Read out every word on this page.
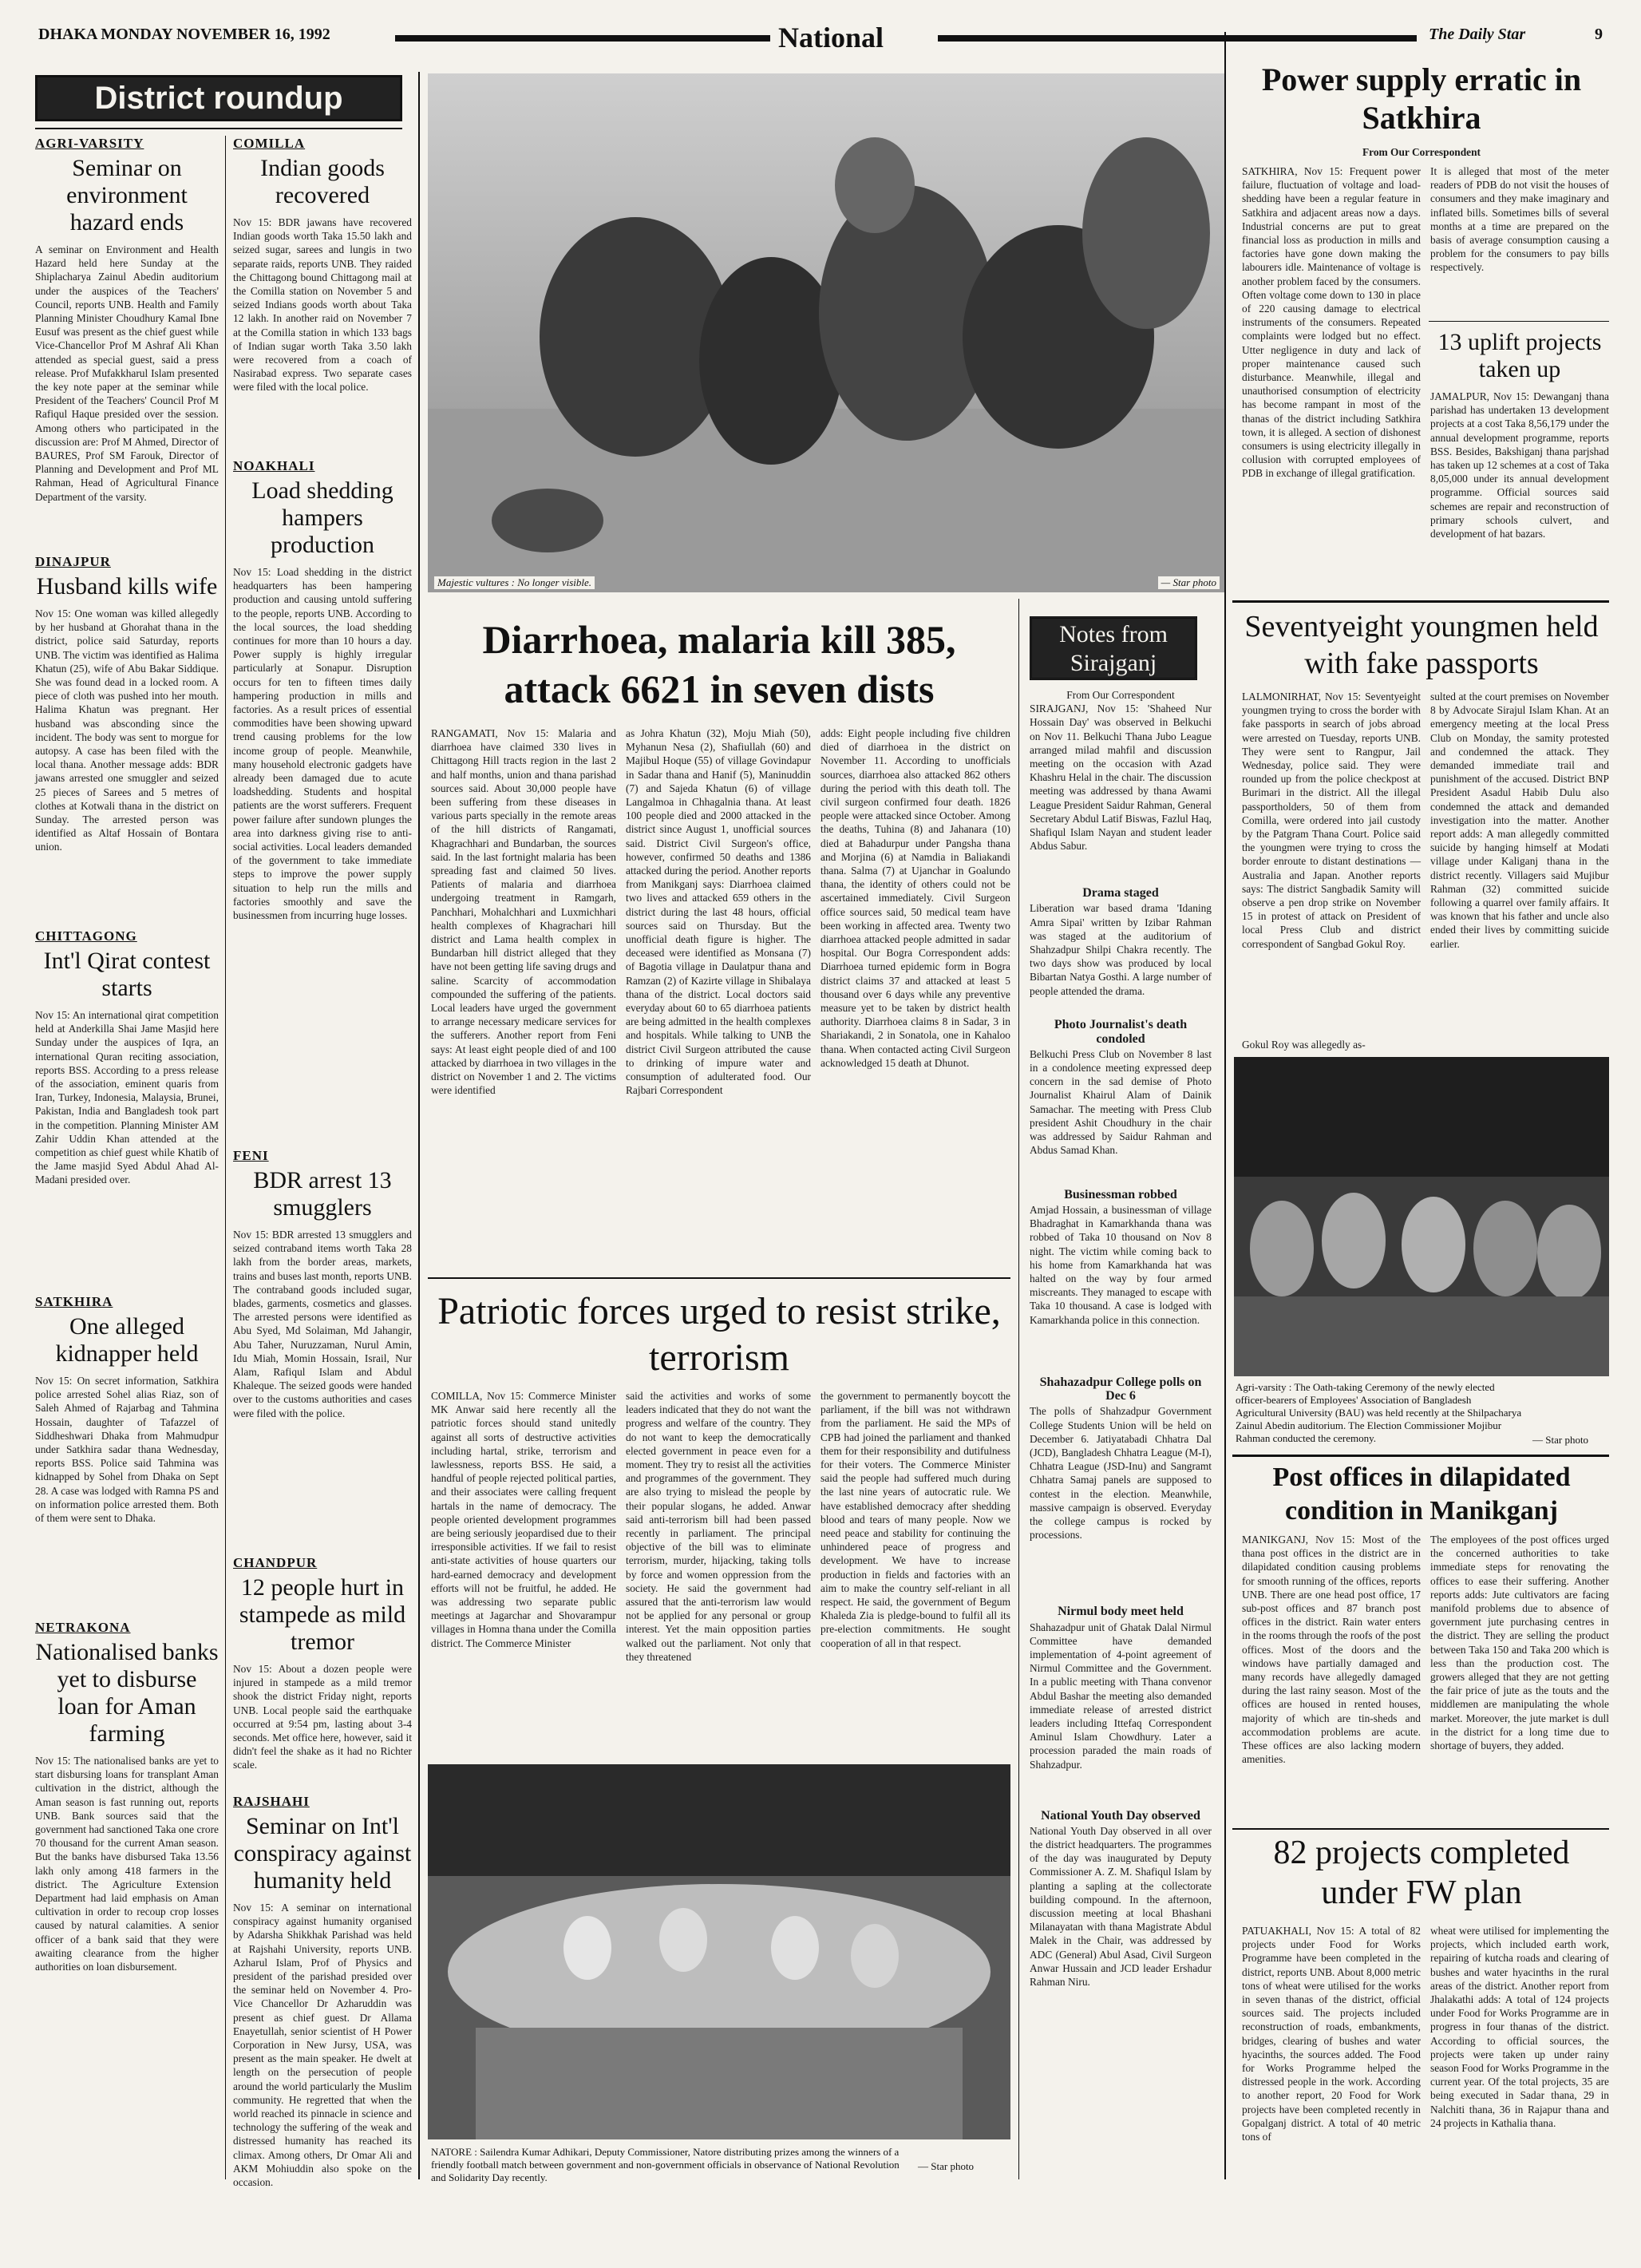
DHAKA MONDAY NOVEMBER 16, 1992	National	The Daily Star	9
District roundup
AGRI-VARSITY
Seminar on environment hazard ends
A seminar on Environment and Health Hazard held here Sunday at the Shiplacharya Zainul Abedin auditorium under the auspices of the Teachers' Council, reports UNB. Health and Family Planning Minister Choudhury Kamal Ibne Eusuf was present as the chief guest while Vice-Chancellor Prof M Ashraf Ali Khan attended as special guest, said a press release. Prof Mufakkharul Islam presented the key note paper at the seminar while President of the Teachers' Council Prof M Rafiqul Haque presided over the session. Among others who participated in the discussion are: Prof M Ahmed, Director of BAURES, Prof SM Farouk, Director of Planning and Development and Prof ML Rahman, Head of Agricultural Finance Department of the varsity.
DINAJPUR
Husband kills wife
Nov 15: One woman was killed allegedly by her husband at Ghorahat thana in the district, police said Saturday, reports UNB. The victim was identified as Halima Khatun (25), wife of Abu Bakar Siddique. She was found dead in a locked room. A piece of cloth was pushed into her mouth. Halima Khatun was pregnant. Her husband was absconding since the incident. The body was sent to morgue for autopsy. A case has been filed with the local thana. Another message adds: BDR jawans arrested one smuggler and seized 25 pieces of Sarees and 5 metres of clothes at Kotwali thana in the district on Sunday. The arrested person was identified as Altaf Hossain of Bontara union.
CHITTAGONG
Int'l Qirat contest starts
Nov 15: An international qirat competition held at Anderkilla Shai Jame Masjid here Sunday under the auspices of Iqra, an international Quran reciting association, reports BSS. According to a press release of the association, eminent quaris from Iran, Turkey, Indonesia, Malaysia, Brunei, Pakistan, India and Bangladesh took part in the competition. Planning Minister AM Zahir Uddin Khan attended at the competition as chief guest while Khatib of the Jame masjid Syed Abdul Ahad Al-Madani presided over.
SATKHIRA
One alleged kidnapper held
Nov 15: On secret information, Satkhira police arrested Sohel alias Riaz, son of Saleh Ahmed of Rajarbag and Tahmina Hossain, daughter of Tafazzel of Siddheshwari Dhaka from Mahmudpur under Satkhira sadar thana Wednesday, reports BSS. Police said Tahmina was kidnapped by Sohel from Dhaka on Sept 28. A case was lodged with Ramna PS and on information police arrested them. Both of them were sent to Dhaka.
NETRAKONA
Nationalised banks yet to disburse loan for Aman farming
Nov 15: The nationalised banks are yet to start disbursing loans for transplant Aman cultivation in the district, although the Aman season is fast running out, reports UNB. Bank sources said that the government had sanctioned Taka one crore 70 thousand for the current Aman season. But the banks have disbursed Taka 13.56 lakh only among 418 farmers in the district. The Agriculture Extension Department had laid emphasis on Aman cultivation in order to recoup crop losses caused by natural calamities. A senior officer of a bank said that they were awaiting clearance from the higher authorities on loan disbursement.
COMILLA
Indian goods recovered
Nov 15: BDR jawans have recovered Indian goods worth Taka 15.50 lakh and seized sugar, sarees and lungis in two separate raids, reports UNB. They raided the Chittagong bound Chittagong mail at the Comilla station on November 5 and seized Indians goods worth about Taka 12 lakh. In another raid on November 7 at the Comilla station in which 133 bags of Indian sugar worth Taka 3.50 lakh were recovered from a coach of Nasirabad express. Two separate cases were filed with the local police.
NOAKHALI
Load shedding hampers production
Nov 15: Load shedding in the district headquarters has been hampering production and causing untold suffering to the people, reports UNB. According to the local sources, the load shedding continues for more than 10 hours a day. Power supply is highly irregular particularly at Sonapur. Disruption occurs for ten to fifteen times daily hampering production in mills and factories. As a result prices of essential commodities have been showing upward trend causing problems for the low income group of people. Meanwhile, many household electronic gadgets have already been damaged due to acute loadshedding. Students and hospital patients are the worst sufferers. Frequent power failure after sundown plunges the area into darkness giving rise to anti-social activities. Local leaders demanded of the government to take immediate steps to improve the power supply situation to help run the mills and factories smoothly and save the businessmen from incurring huge losses.
FENI
BDR arrest 13 smugglers
Nov 15: BDR arrested 13 smugglers and seized contraband items worth Taka 28 lakh from the border areas, markets, trains and buses last month, reports UNB. The contraband goods included sugar, blades, garments, cosmetics and glasses. The arrested persons were identified as Abu Syed, Md Solaiman, Md Jahangir, Abu Taher, Nuruzzaman, Nurul Amin, Idu Miah, Momin Hossain, Israil, Nur Alam, Rafiqul Islam and Abdul Khaleque. The seized goods were handed over to the customs authorities and cases were filed with the police.
CHANDPUR
12 people hurt in stampede as mild tremor
Nov 15: About a dozen people were injured in stampede as a mild tremor shook the district Friday night, reports UNB. Local people said the earthquake occurred at 9:54 pm, lasting about 3-4 seconds. Met office here, however, said it didn't feel the shake as it had no Richter scale.
RAJSHAHI
Seminar on Int'l conspiracy against humanity held
Nov 15: A seminar on international conspiracy against humanity organised by Adarsha Shikkhak Parishad was held at Rajshahi University, reports UNB. Azharul Islam, Prof of Physics and president of the parishad presided over the seminar held on November 4. Pro-Vice Chancellor Dr Azharuddin was present as chief guest. Dr Allama Enayetullah, senior scientist of H Power Corporation in New Jursy, USA, was present as the main speaker. He dwelt at length on the persecution of people around the world particularly the Muslim community. He regretted that when the world reached its pinnacle in science and technology the suffering of the weak and distressed humanity has reached its climax. Among others, Dr Omar Ali and AKM Mohiuddin also spoke on the occasion.
Majestic vultures : No longer visible.	— Star photo
Diarrhoea, malaria kill 385, attack 6621 in seven dists
RANGAMATI, Nov 15: Malaria and diarrhoea have claimed 330 lives in Chittagong Hill tracts region in the last 2 and half months, union and thana parishad sources said. About 30,000 people have been suffering from these diseases in various parts specially in the remote areas of the hill districts of Rangamati, Khagrachhari and Bundarban, the sources said. In the last fortnight malaria has been spreading fast and claimed 50 lives. Patients of malaria and diarrhoea undergoing treatment in Ramgarh, Panchhari, Mohalchhari and Luxmichhari health complexes of Khagrachari hill district and Lama health complex in Bundarban hill district alleged that they have not been getting life saving drugs and saline. Scarcity of accommodation compounded the suffering of the patients. Local leaders have urged the government to arrange necessary medicare services for the sufferers. Another report from Feni says: At least eight people died of and 100 attacked by diarrhoea in two villages in the district on November 1 and 2. The victims were identified
as Johra Khatun (32), Moju Miah (50), Myhanun Nesa (2), Shafiullah (60) and Majibul Hoque (55) of village Govindapur in Sadar thana and Hanif (5), Maninuddin (7) and Sajeda Khatun (6) of village Langalmoa in Chhagalnia thana. At least 100 people died and 2000 attacked in the district since August 1, unofficial sources said. District Civil Surgeon's office, however, confirmed 50 deaths and 1386 attacked during the period. Another reports from Manikganj says: Diarrhoea claimed two lives and attacked 659 others in the district during the last 48 hours, official sources said on Thursday. But the unofficial death figure is higher. The deceased were identified as Monsana (7) of Bagotia village in Daulatpur thana and Ramzan (2) of Kazirte village in Shibalaya thana of the district. Local doctors said everyday about 60 to 65 diarrhoea patients are being admitted in the health complexes and hospitals. While talking to UNB the district Civil Surgeon attributed the cause to drinking of impure water and consumption of adulterated food. Our Rajbari Correspondent
adds: Eight people including five children died of diarrhoea in the district on November 11. According to unofficials sources, diarrhoea also attacked 862 others during the period with this death toll. The civil surgeon confirmed four death. 1826 people were attacked since October. Among the deaths, Tuhina (8) and Jahanara (10) died at Bahadurpur under Pangsha thana and Morjina (6) at Namdia in Baliakandi thana. Salma (7) at Ujanchar in Goalundo thana, the identity of others could not be ascertained immediately. Civil Surgeon office sources said, 50 medical team have been working in affected area. Twenty two diarrhoea attacked people admitted in sadar hospital. Our Bogra Correspondent adds: Diarrhoea turned epidemic form in Bogra district claims 37 and attacked at least 5 thousand over 6 days while any preventive measure yet to be taken by district health authority. Diarrhoea claims 8 in Sadar, 3 in Shariakandi, 2 in Sonatola, one in Kahaloo thana. When contacted acting Civil Surgeon acknowledged 15 death at Dhunot.
Patriotic forces urged to resist strike, terrorism
COMILLA, Nov 15: Commerce Minister MK Anwar said here recently all the patriotic forces should stand unitedly against all sorts of destructive activities including hartal, strike, terrorism and lawlessness, reports BSS. He said, a handful of people rejected political parties, and their associates were calling frequent hartals in the name of democracy. The people oriented development programmes are being seriously jeopardised due to their irresponsible activities. If we fail to resist anti-state activities of house quarters our hard-earned democracy and development efforts will not be fruitful, he added. He was addressing two separate public meetings at Jagarchar and Shovarampur villages in Homna thana under the Comilla district. The Commerce Minister
said the activities and works of some leaders indicated that they do not want the progress and welfare of the country. They do not want to keep the democratically elected government in peace even for a moment. They try to resist all the activities and programmes of the government. They are also trying to mislead the people by their popular slogans, he added. Anwar said anti-terrorism bill had been passed recently in parliament. The principal objective of the bill was to eliminate terrorism, murder, hijacking, taking tolls by force and women oppression from the society. He said the government had assured that the anti-terrorism law would not be applied for any personal or group interest. Yet the main opposition parties walked out the parliament. Not only that they threatened
the government to permanently boycott the parliament, if the bill was not withdrawn from the parliament. He said the MPs of CPB had joined the parliament and thanked them for their responsibility and dutifulness for their voters. The Commerce Minister said the people had suffered much during the last nine years of autocratic rule. We have established democracy after shedding blood and tears of many people. Now we need peace and stability for continuing the unhindered peace of progress and development. We have to increase production in fields and factories with an aim to make the country self-reliant in all respect. He said, the government of Begum Khaleda Zia is pledge-bound to fulfil all its pre-election commitments. He sought cooperation of all in that respect.
NATORE : Sailendra Kumar Adhikari, Deputy Commissioner, Natore distributing prizes among the winners of a friendly football match between government and non-government officials in observance of National Revolution and Solidarity Day recently.
— Star photo
Notes from Sirajganj
From Our Correspondent
SIRAJGANJ, Nov 15: 'Shaheed Nur Hossain Day' was observed in Belkuchi on Nov 11. Belkuchi Thana Jubo League arranged milad mahfil and discussion meeting on the occasion with Azad Khashru Helal in the chair. The discussion meeting was addressed by thana Awami League President Saidur Rahman, General Secretary Abdul Latif Biswas, Fazlul Haq, Shafiqul Islam Nayan and student leader Abdus Sabur.
Drama staged
Liberation war based drama 'Idaning Amra Sipai' written by Izibar Rahman was staged at the auditorium of Shahzadpur Shilpi Chakra recently. The two days show was produced by local Bibartan Natya Gosthi. A large number of people attended the drama.
Photo Journalist's death condoled
Belkuchi Press Club on November 8 last in a condolence meeting expressed deep concern in the sad demise of Photo Journalist Khairul Alam of Dainik Samachar. The meeting with Press Club president Ashit Choudhury in the chair was addressed by Saidur Rahman and Abdus Samad Khan.
Businessman robbed
Amjad Hossain, a businessman of village Bhadraghat in Kamarkhanda thana was robbed of Taka 10 thousand on Nov 8 night. The victim while coming back to his home from Kamarkhanda hat was halted on the way by four armed miscreants. They managed to escape with Taka 10 thousand. A case is lodged with Kamarkhanda police in this connection.
Shahazadpur College polls on Dec 6
The polls of Shahzadpur Government College Students Union will be held on December 6. Jatiyatabadi Chhatra Dal (JCD), Bangladesh Chhatra League (M-I), Chhatra League (JSD-Inu) and Sangramt Chhatra Samaj panels are supposed to contest in the election. Meanwhile, massive campaign is observed. Everyday the college campus is rocked by processions.
Nirmul body meet held
Shahazadpur unit of Ghatak Dalal Nirmul Committee have demanded implementation of 4-point agreement of Nirmul Committee and the Government. In a public meeting with Thana convenor Abdul Bashar the meeting also demanded immediate release of arrested district leaders including Ittefaq Correspondent Aminul Islam Chowdhury. Later a procession paraded the main roads of Shahzadpur.
National Youth Day observed
National Youth Day observed in all over the district headquarters. The programmes of the day was inaugurated by Deputy Commissioner A. Z. M. Shafiqul Islam by planting a sapling at the collectorate building compound. In the afternoon, discussion meeting at local Bhashani Milanayatan with thana Magistrate Abdul Malek in the Chair, was addressed by ADC (General) Abul Asad, Civil Surgeon Anwar Hussain and JCD leader Ershadur Rahman Niru.
Power supply erratic in Satkhira
From Our Correspondent
SATKHIRA, Nov 15: Frequent power failure, fluctuation of voltage and load-shedding have been a regular feature in Satkhira and adjacent areas now a days. Industrial concerns are put to great financial loss as production in mills and factories have gone down making the labourers idle. Maintenance of voltage is another problem faced by the consumers. Often voltage come down to 130 in place of 220 causing damage to electrical instruments of the consumers. Repeated complaints were lodged but no effect. Utter negligence in duty and lack of proper maintenance caused such disturbance. Meanwhile, illegal and unauthorised consumption of electricity has become rampant in most of the thanas of the district including Satkhira town, it is alleged. A section of dishonest consumers is using electricity illegally in collusion with corrupted employees of PDB in exchange of illegal gratification.
It is alleged that most of the meter readers of PDB do not visit the houses of consumers and they make imaginary and inflated bills. Sometimes bills of several months at a time are prepared on the basis of average consumption causing a problem for the consumers to pay bills respectively.
13 uplift projects taken up
JAMALPUR, Nov 15: Dewanganj thana parishad has undertaken 13 development projects at a cost Taka 8,56,179 under the annual development programme, reports BSS. Besides, Bakshiganj thana parjshad has taken up 12 schemes at a cost of Taka 8,05,000 under its annual development programme. Official sources said schemes are repair and reconstruction of primary schools culvert, and development of hat bazars.
Seventyeight youngmen held with fake passports
LALMONIRHAT, Nov 15: Seventyeight youngmen trying to cross the border with fake passports in search of jobs abroad were arrested on Tuesday, reports UNB. They were sent to Rangpur, Jail Wednesday, police said. They were rounded up from the police checkpost at Burimari in the district. All the illegal passportholders, 50 of them from Comilla, were ordered into jail custody by the Patgram Thana Court. Police said the youngmen were trying to cross the border enroute to distant destinations — Australia and Japan. Another reports says: The district Sangbadik Samity will observe a pen drop strike on November 15 in protest of attack on President of local Press Club and district correspondent of Sangbad Gokul Roy.
sulted at the court premises on November 8 by Advocate Sirajul Islam Khan. At an emergency meeting at the local Press Club on Monday, the samity protested and condemned the attack. They demanded immediate trail and punishment of the accused. District BNP President Asadul Habib Dulu also condemned the attack and demanded investigation into the matter. Another report adds: A man allegedly committed suicide by hanging himself at Modati village under Kaliganj thana in the district recently. Villagers said Mujibur Rahman (32) committed suicide following a quarrel over family affairs. It was known that his father and uncle also ended their lives by committing suicide earlier.
Gokul Roy was allegedly as-
Agri-varsity : The Oath-taking Ceremony of the newly elected officer-bearers of Employees' Association of Bangladesh Agricultural University (BAU) was held recently at the Shilpacharya Zainul Abedin auditorium. The Election Commissioner Mojibur Rahman conducted the ceremony.	— Star photo
Post offices in dilapidated condition in Manikganj
MANIKGANJ, Nov 15: Most of the thana post offices in the district are in dilapidated condition causing problems for smooth running of the offices, reports UNB. There are one head post office, 17 sub-post offices and 87 branch post offices in the district. Rain water enters in the rooms through the roofs of the post offices. Most of the doors and the windows have partially damaged and many records have allegedly damaged during the last rainy season. Most of the offices are housed in rented houses, majority of which are tin-sheds and accommodation problems are acute. These offices are also lacking modern amenities.
The employees of the post offices urged the concerned authorities to take immediate steps for renovating the offices to ease their suffering. Another reports adds: Jute cultivators are facing manifold problems due to absence of government jute purchasing centres in the district. They are selling the product between Taka 150 and Taka 200 which is less than the production cost. The growers alleged that they are not getting the fair price of jute as the touts and the middlemen are manipulating the whole market. Moreover, the jute market is dull in the district for a long time due to shortage of buyers, they added.
82 projects completed under FW plan
PATUAKHALI, Nov 15: A total of 82 projects under Food for Works Programme have been completed in the district, reports UNB. About 8,000 metric tons of wheat were utilised for the works in seven thanas of the district, official sources said. The projects included reconstruction of roads, embankments, bridges, clearing of bushes and water hyacinths, the sources added. The Food for Works Programme helped the distressed people in the work. According to another report, 20 Food for Work projects have been completed recently in Gopalganj district. A total of 40 metric tons of
wheat were utilised for implementing the projects, which included earth work, repairing of kutcha roads and clearing of bushes and water hyacinths in the rural areas of the district. Another report from Jhalakathi adds: A total of 124 projects under Food for Works Programme are in progress in four thanas of the district. According to official sources, the projects were taken up under rainy season Food for Works Programme in the current year. Of the total projects, 35 are being executed in Sadar thana, 29 in Nalchiti thana, 36 in Rajapur thana and 24 projects in Kathalia thana.
